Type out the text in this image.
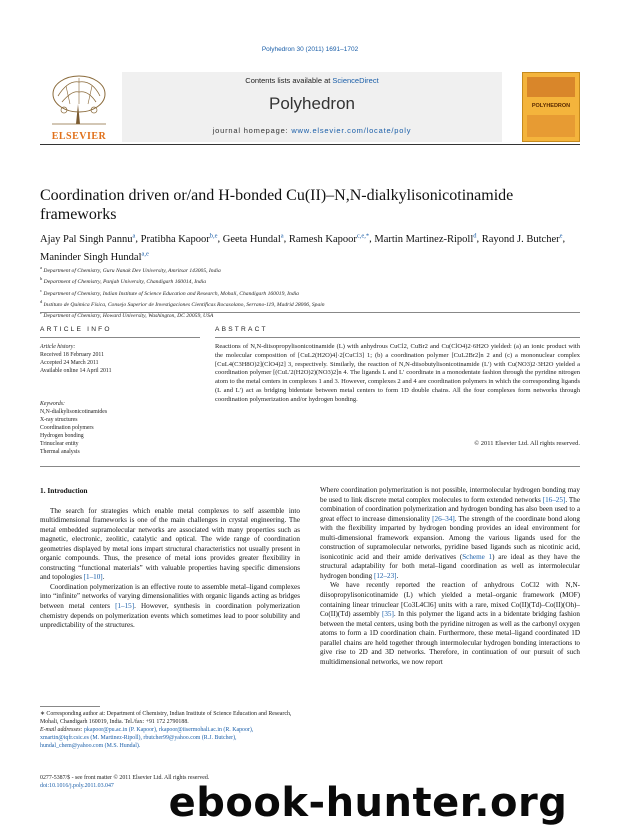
Polyhedron 30 (2011) 1691–1702
ELSEVIER
Contents lists available at ScienceDirect
Polyhedron
journal homepage: www.elsevier.com/locate/poly
POLYHEDRON
Coordination driven or/and H-bonded Cu(II)–N,N-dialkylisonicotinamide frameworks
Ajay Pal Singh Pannu$^a$, Pratibha Kapoor$^{b,e}$, Geeta Hundal$^a$, Ramesh Kapoor$^{c,e,*}$, Martin Martinez-Ripoll$^d$, Rayond J. Butcher$^e$, Maninder Singh Hundal$^{a,e}$
$^a$ Department of Chemistry, Guru Nanak Dev University, Amritsar 143005, India
$^b$ Department of Chemistry, Panjab University, Chandigarh 160014, India
$^c$ Department of Chemistry, Indian Institute of Science Education and Research, Mohali, Chandigarh 160019, India
$^d$ Instituto de Química Física, Consejo Superior de Investigaciones Científicas Rocasolano, Serrano-119, Madrid 28006, Spain
$^e$ Department of Chemistry, Howard University, Washington, DC 20059, USA
ARTICLE INFO	ABSTRACT
Article history:
Received 18 February 2011
Accepted 24 March 2011
Available online 14 April 2011
Keywords:
N,N-dialkylisonicotinamides
X-ray structures
Coordination polymers
Hydrogen bonding
Trinuclear entity
Thermal analysis
Reactions of N,N-diisopropylisonicotinamide (L) with anhydrous CuCl2, CuBr2 and Cu(ClO4)2·6H2O yielded: (a) an ionic product with the molecular composition of [CuL2(H2O)4]·2[CuCl3] 1; (b) a coordination polymer [CuL2Br2]n 2 and (c) a mononuclear complex [CuL4(C3H8O)2](ClO4)2] 3, respectively. Similarly, the reaction of N,N-diisobutylisonicotinamide (L′) with Cu(NO3)2·3H2O yielded a coordination polymer [(CuL′2(H2O)2)(NO3)2]n 4. The ligands L and L′ coordinate in a monodentate fashion through the pyridine nitrogen atom to the metal centers in complexes 1 and 3. However, complexes 2 and 4 are coordination polymers in which the corresponding ligands (L and L′) act as bridging bidentate between metal centers to form 1D double chains. All the four complexes form networks through coordination polymerization and/or hydrogen bonding.
© 2011 Elsevier Ltd. All rights reserved.
1. Introduction

The search for strategies which enable metal complexes to self assemble into multidimensional frameworks is one of the main challenges in crystal engineering. The metal embedded supramolecular networks are associated with many properties such as magnetic, electronic, zeolitic, catalytic and optical. The wide range of coordination geometries displayed by metal ions impart structural characteristics not usually present in organic compounds. Thus, the presence of metal ions provides greater flexibility in constructing “functional materials” with valuable properties having specific dimensions and topologies [1–10].

Coordination polymerization is an effective route to assemble metal–ligand complexes into “infinite” networks of varying dimensionalities with organic ligands acting as bridges between metal centers [1–15]. However, synthesis in coordination polymerization chemistry depends on polymerization events which sometimes lead to poor solubility and unpredictability of the structures.

Where coordination polymerization is not possible, intermolecular hydrogen bonding may be used to link discrete metal complex molecules to form extended networks [16–25]. The combination of coordination polymerization and hydrogen bonding has also been used to a great effect to increase dimensionality [26–34]. The strength of the coordinate bond along with the flexibility imparted by hydrogen bonding provides an ideal environment for multi-dimensional framework expansion. Among the various ligands used for the construction of supramolecular networks, pyridine based ligands such as nicotinic acid, isonicotinic acid and their amide derivatives (Scheme 1) are ideal as they have the structural adaptability for both metal–ligand coordination as well as intermolecular hydrogen bonding [12–23].

We have recently reported the reaction of anhydrous CoCl2 with N,N-diisopropylisonicotinamide (L) which yielded a metal–organic framework (MOF) containing linear trinuclear [Co3L4Cl6] units with a rare, mixed Co(II)(Td)–Co(II)(Oh)–Co(II)(Td) assembly [35]. In this polymer the ligand acts in a bidentate bridging fashion between the metal centers, using both the pyridine nitrogen as well as the carbonyl oxygen atoms to form a 1D coordination chain. Furthermore, these metal–ligand coordinated 1D parallel chains are held together through intermolecular hydrogen bonding interactions to give rise to 2D and 3D networks. Therefore, in continuation of our pursuit of such multidimensional networks, we now report

∗ Corresponding author at: Department of Chemistry, Indian Institute of Science Education and Research, Mohali, Chandigarh 160019, India. Tel./fax: +91 172 2790188.
E-mail addresses: pkapoor@pu.ac.in (P. Kapoor), rkapoor@iisermohali.ac.in (R. Kapoor), xmartin@iqfr.csic.es (M. Martinez-Ripoll), rbutcher99@yahoo.com (R.J. Butcher), hundal_chem@yahoo.com (M.S. Hundal).
0277-5387/$ - see front matter © 2011 Elsevier Ltd. All rights reserved.
doi:10.1016/j.poly.2011.03.047	ebook-hunter.org
